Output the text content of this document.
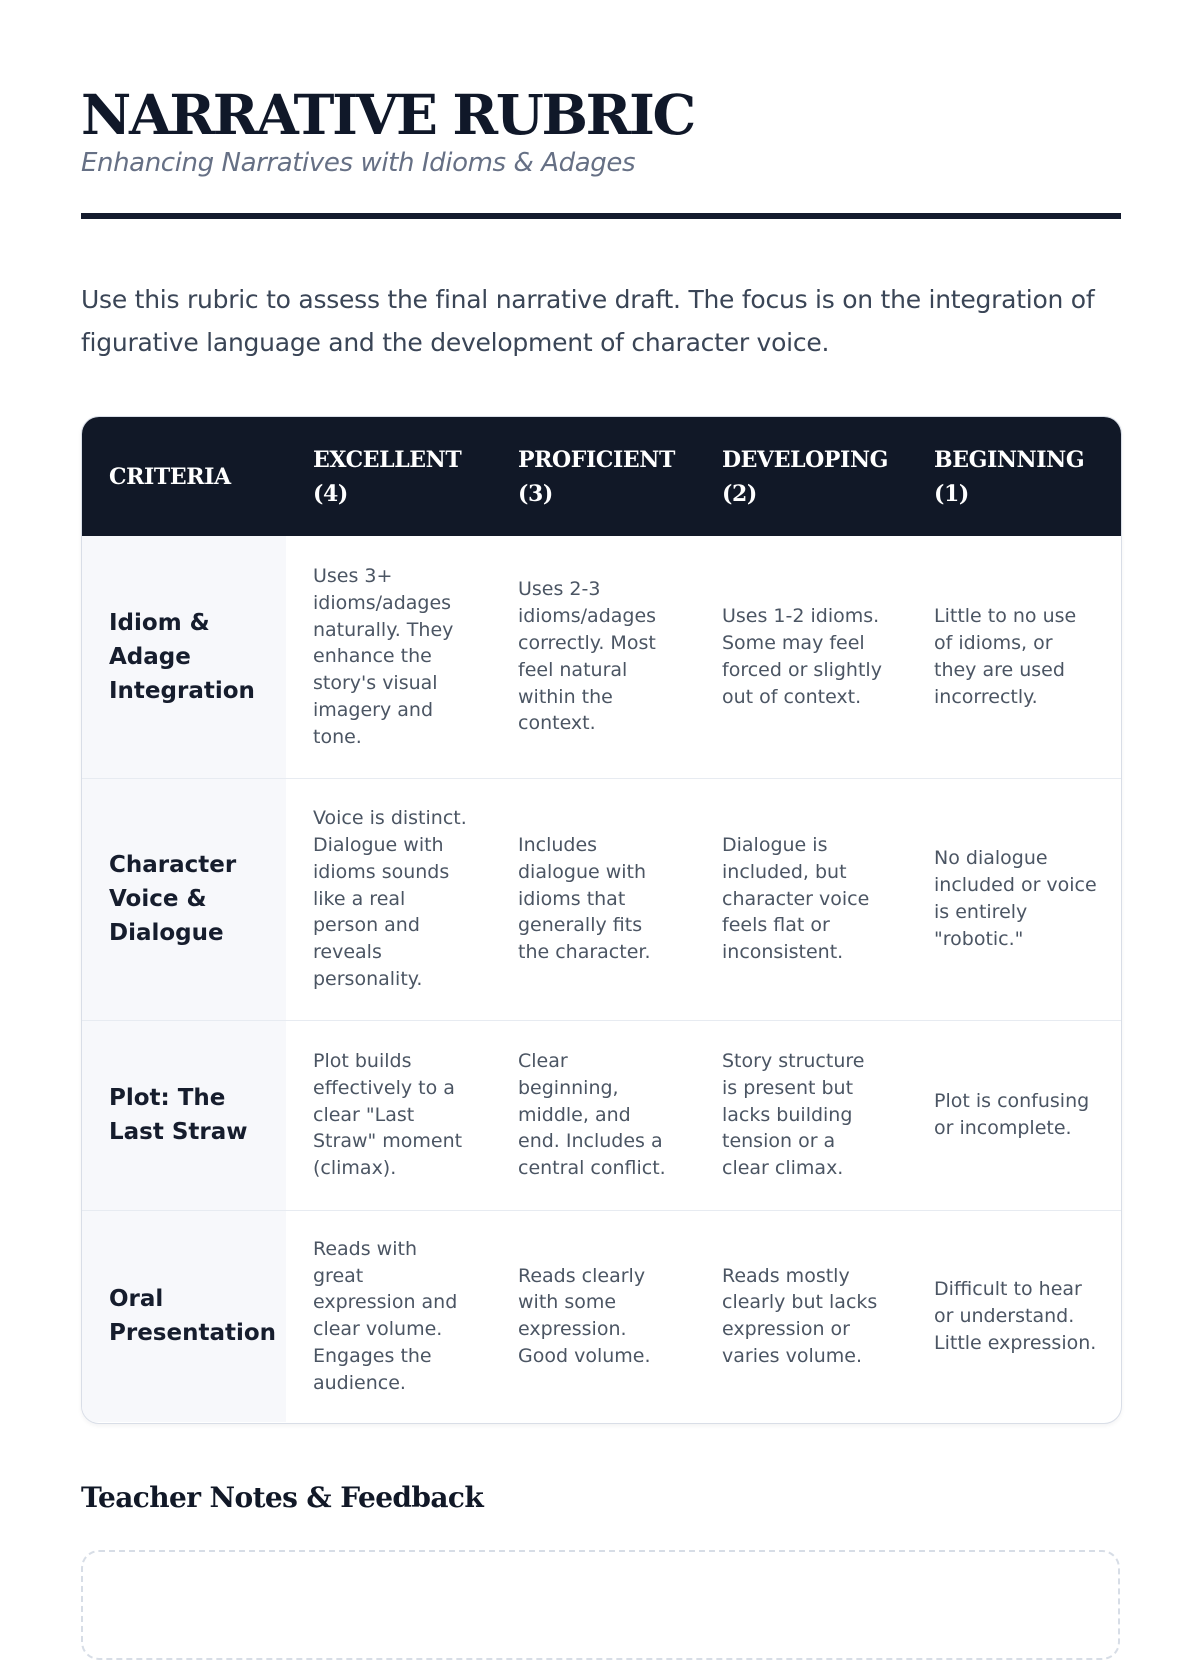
NARRATIVE RUBRIC

Enhancing Narratives with Idioms & Adages

Use this rubric to assess the final narrative draft. The focus is on the integration of figurative language and the development of character voice.

CRITERIA	EXCELLENT (4)	PROFICIENT (3)	DEVELOPING (2)	BEGINNING (1)

Idiom & Adage Integration	Uses 3+ idioms/adages naturally. They enhance the story's visual imagery and tone.	Uses 2-3 idioms/adages correctly. Most feel natural within the context.	Uses 1-2 idioms. Some may feel forced or slightly out of context.	Little to no use of idioms, or they are used incorrectly.

Character Voice & Dialogue	Voice is distinct. Dialogue with idioms sounds like a real person and reveals personality.	Includes dialogue with idioms that generally fits the character.	Dialogue is included, but character voice feels flat or inconsistent.	No dialogue included or voice is entirely "robotic."

Plot: The Last Straw	Plot builds effectively to a clear "Last Straw" moment (climax).	Clear beginning, middle, and end. Includes a central conflict.	Story structure is present but lacks building tension or a clear climax.	Plot is confusing or incomplete.

Oral Presentation	Reads with great expression and clear volume. Engages the audience.	Reads clearly with some expression. Good volume.	Reads mostly clearly but lacks expression or varies volume.	Difficult to hear or understand. Little expression.
Teacher Notes & Feedback
